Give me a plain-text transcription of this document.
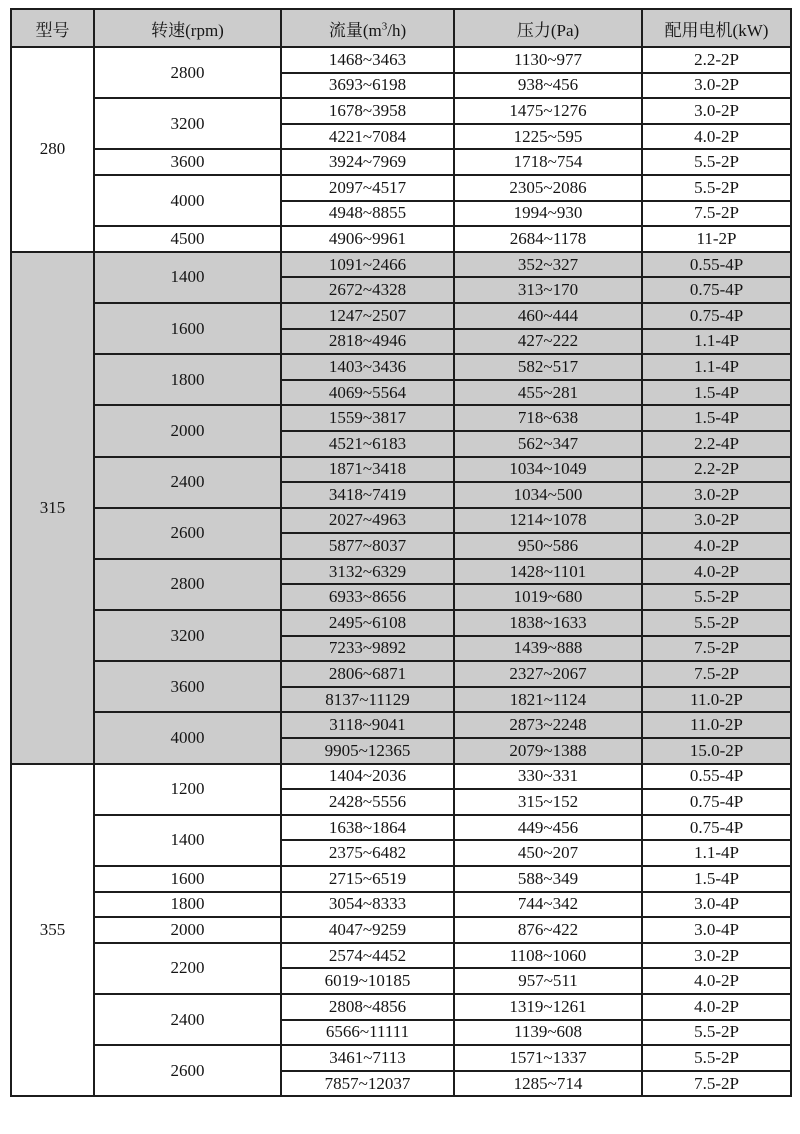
型号	转速(rpm)	流量$(m^3/h)$	压力(Pa)	配用电机(kW)
280	2800	1468~3463	1130~977	2.2-2P
		3693~6198	938~456	3.0-2P
	3200	1678~3958	1475~1276	3.0-2P
		4221~7084	1225~595	4.0-2P
	3600	3924~7969	1718~754	5.5-2P
	4000	2097~4517	2305~2086	5.5-2P
		4948~8855	1994~930	7.5-2P
	4500	4906~9961	2684~1178	11-2P
315	1400	1091~2466	352~327	0.55-4P
		2672~4328	313~170	0.75-4P
	1600	1247~2507	460~444	0.75-4P
		2818~4946	427~222	1.1-4P
	1800	1403~3436	582~517	1.1-4P
		4069~5564	455~281	1.5-4P
	2000	1559~3817	718~638	1.5-4P
		4521~6183	562~347	2.2-4P
	2400	1871~3418	1034~1049	2.2-2P
		3418~7419	1034~500	3.0-2P
	2600	2027~4963	1214~1078	3.0-2P
		5877~8037	950~586	4.0-2P
	2800	3132~6329	1428~1101	4.0-2P
		6933~8656	1019~680	5.5-2P
	3200	2495~6108	1838~1633	5.5-2P
		7233~9892	1439~888	7.5-2P
	3600	2806~6871	2327~2067	7.5-2P
		8137~11129	1821~1124	11.0-2P
	4000	3118~9041	2873~2248	11.0-2P
		9905~12365	2079~1388	15.0-2P
355	1200	1404~2036	330~331	0.55-4P
		2428~5556	315~152	0.75-4P
	1400	1638~1864	449~456	0.75-4P
		2375~6482	450~207	1.1-4P
	1600	2715~6519	588~349	1.5-4P
	1800	3054~8333	744~342	3.0-4P
	2000	4047~9259	876~422	3.0-4P
	2200	2574~4452	1108~1060	3.0-2P
		6019~10185	957~511	4.0-2P
	2400	2808~4856	1319~1261	4.0-2P
		6566~11111	1139~608	5.5-2P
	2600	3461~7113	1571~1337	5.5-2P
		7857~12037	1285~714	7.5-2P
